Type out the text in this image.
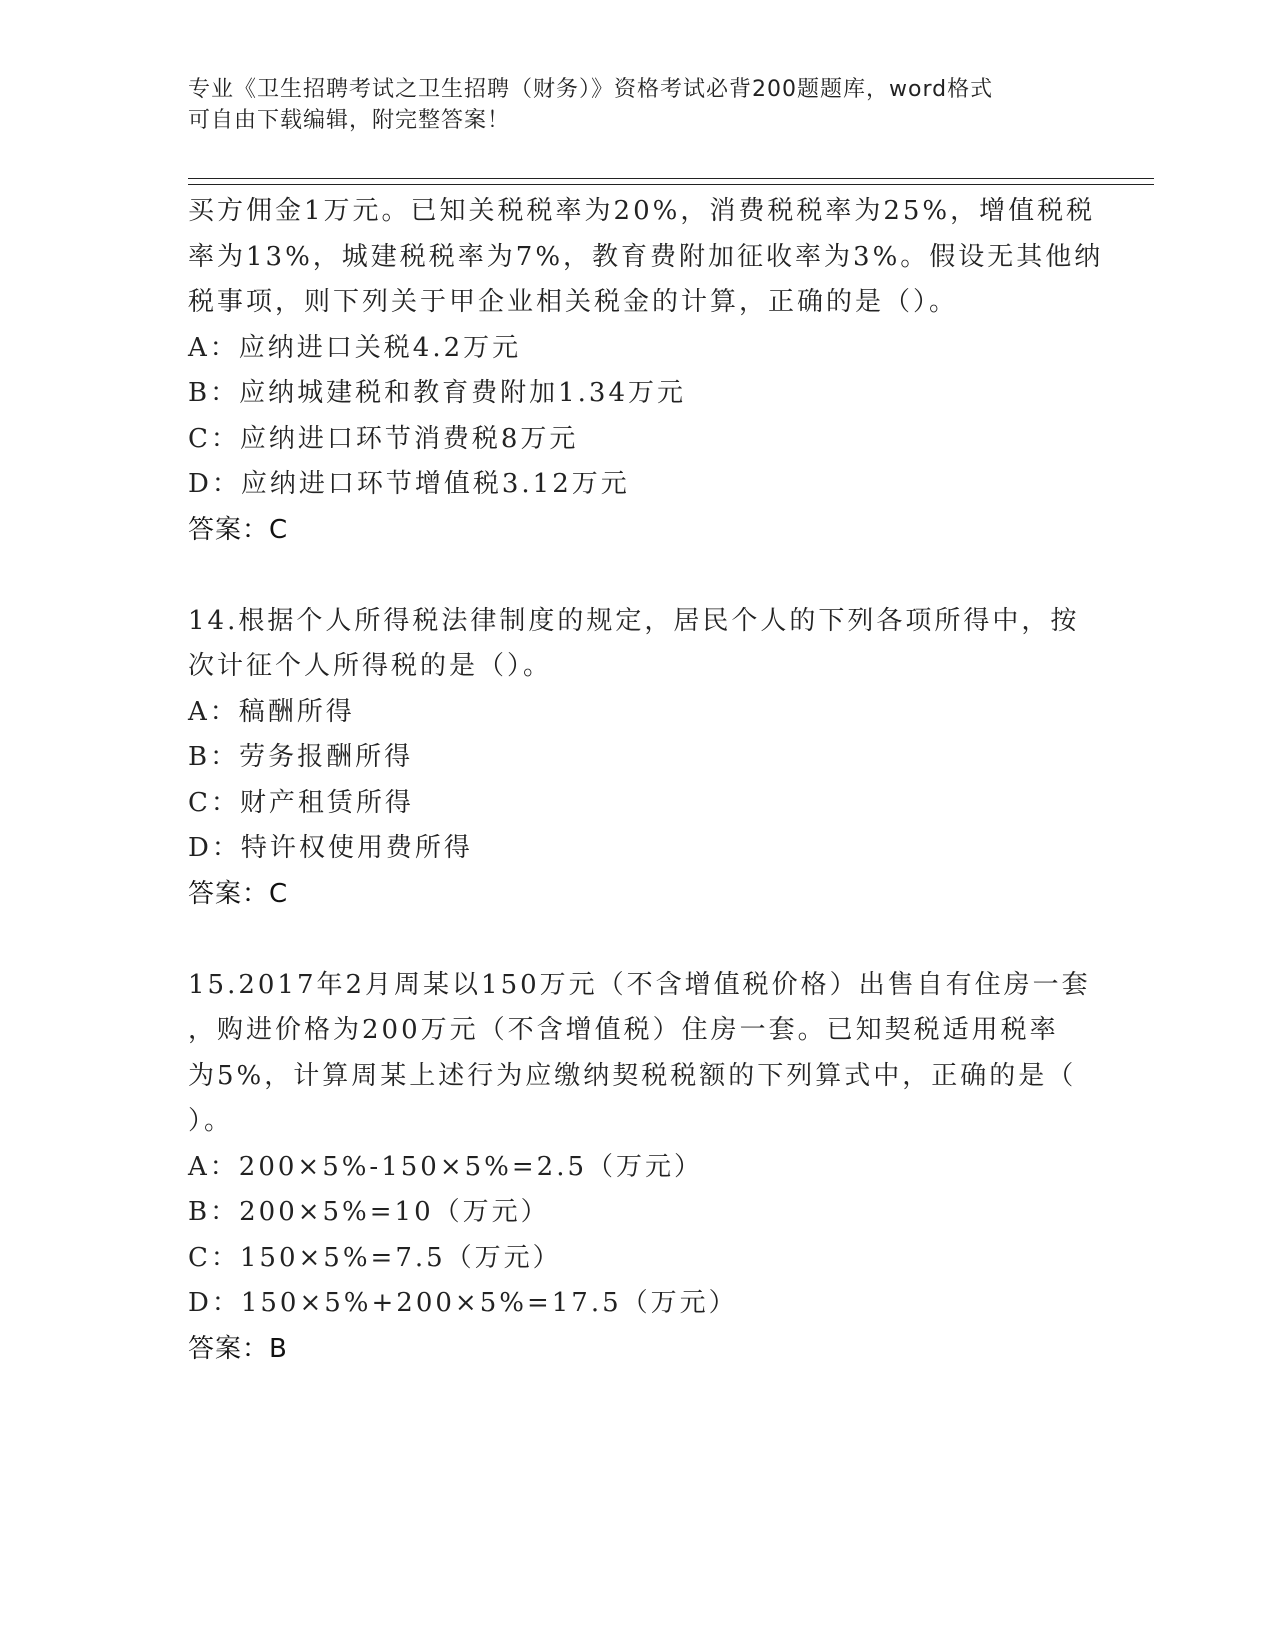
专业《卫生招聘考试之卫生招聘（财务）》资格考试必背200题题库，word格式
可自由下载编辑，附完整答案！
买方佣金1万元。已知关税税率为20%，消费税税率为25%，增值税税
率为13%，城建税税率为7%，教育费附加征收率为3%。假设无其他纳
税事项，则下列关于甲企业相关税金的计算，正确的是（）。
A：应纳进口关税4.2万元
B：应纳城建税和教育费附加1.34万元
C：应纳进口环节消费税8万元
D：应纳进口环节增值税3.12万元
答案：C
14.根据个人所得税法律制度的规定，居民个人的下列各项所得中，按
次计征个人所得税的是（）。
A：稿酬所得
B：劳务报酬所得
C：财产租赁所得
D：特许权使用费所得
答案：C
15.2017年2月周某以150万元（不含增值税价格）出售自有住房一套
，购进价格为200万元（不含增值税）住房一套。已知契税适用税率
为5%，计算周某上述行为应缴纳契税税额的下列算式中，正确的是（
）。
A：200×5%-150×5%=2.5（万元）
B：200×5%=10（万元）
C：150×5%=7.5（万元）
D：150×5%+200×5%=17.5（万元）
答案：B
